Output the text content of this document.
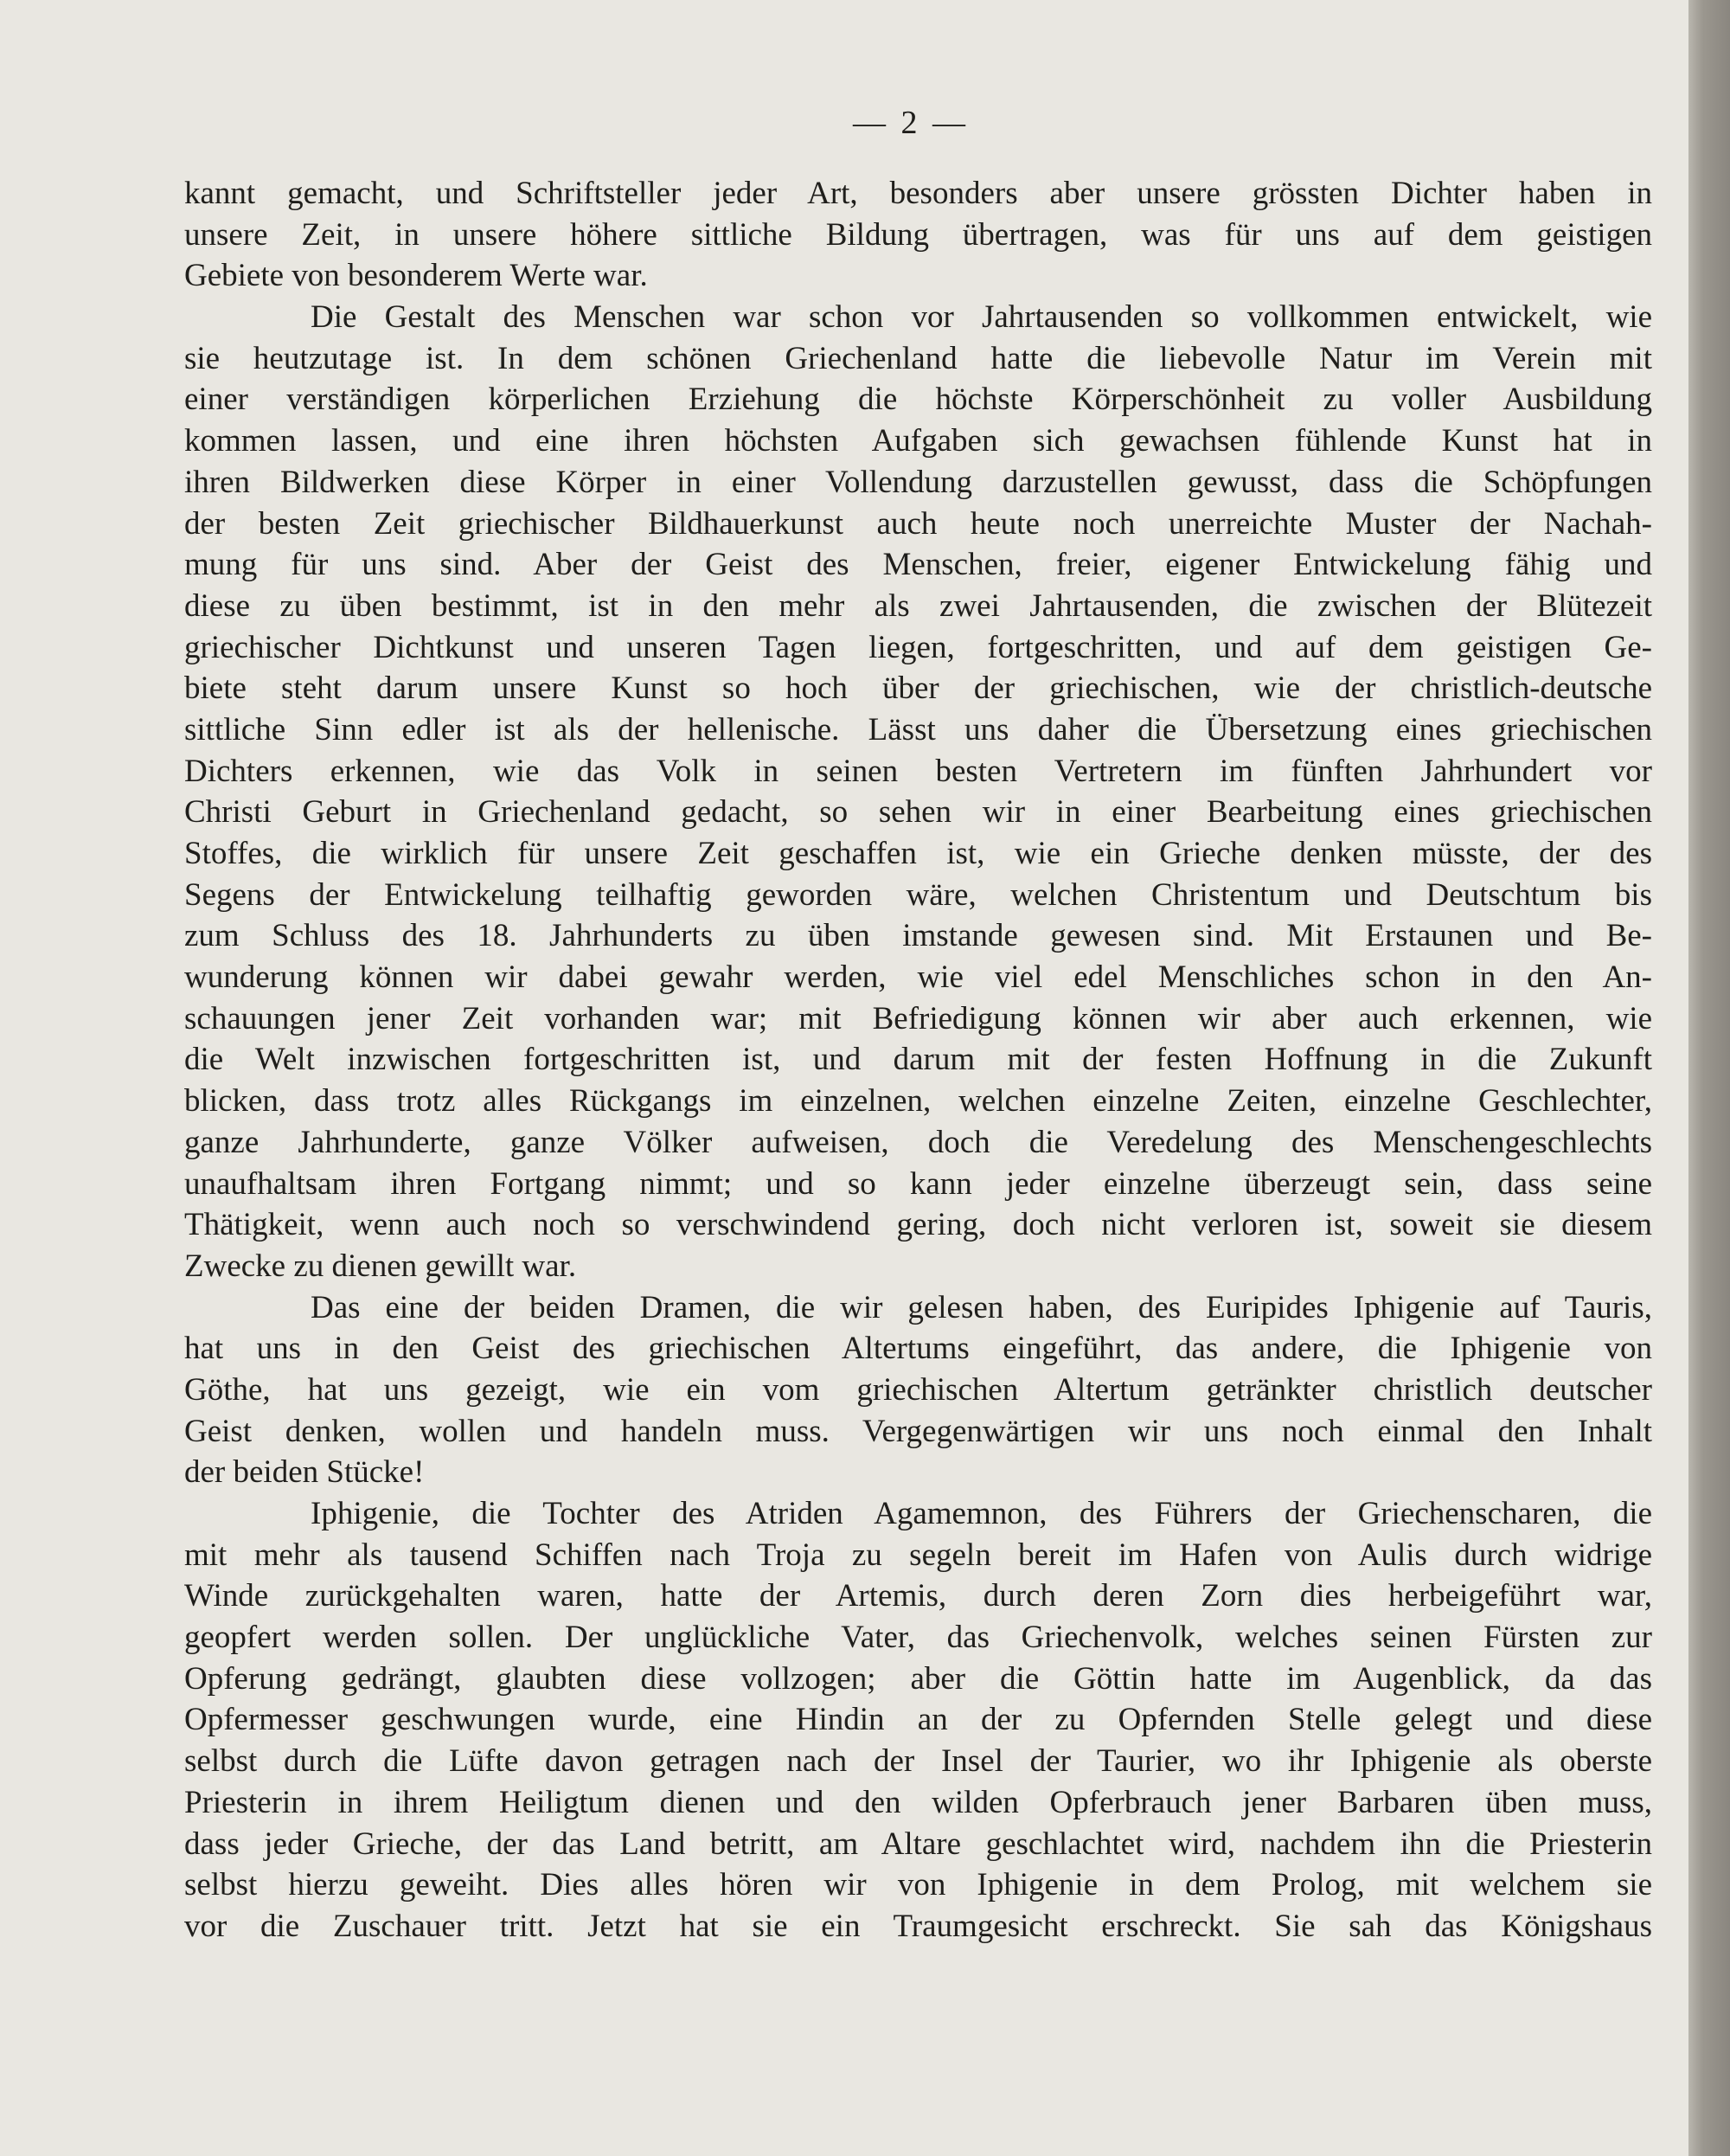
— 2 —
kannt gemacht, und Schriftsteller jeder Art, besonders aber unsere grössten Dichter haben in
unsere Zeit, in unsere höhere sittliche Bildung übertragen, was für uns auf dem geistigen
Gebiete von besonderem Werte war.
Die Gestalt des Menschen war schon vor Jahrtausenden so vollkommen entwickelt, wie
sie heutzutage ist. In dem schönen Griechenland hatte die liebevolle Natur im Verein mit
einer verständigen körperlichen Erziehung die höchste Körperschönheit zu voller Ausbildung
kommen lassen, und eine ihren höchsten Aufgaben sich gewachsen fühlende Kunst hat in
ihren Bildwerken diese Körper in einer Vollendung darzustellen gewusst, dass die Schöpfungen
der besten Zeit griechischer Bildhauerkunst auch heute noch unerreichte Muster der Nachah-
mung für uns sind. Aber der Geist des Menschen, freier, eigener Entwickelung fähig und
diese zu üben bestimmt, ist in den mehr als zwei Jahrtausenden, die zwischen der Blütezeit
griechischer Dichtkunst und unseren Tagen liegen, fortgeschritten, und auf dem geistigen Ge-
biete steht darum unsere Kunst so hoch über der griechischen, wie der christlich-deutsche
sittliche Sinn edler ist als der hellenische. Lässt uns daher die Übersetzung eines griechischen
Dichters erkennen, wie das Volk in seinen besten Vertretern im fünften Jahrhundert vor
Christi Geburt in Griechenland gedacht, so sehen wir in einer Bearbeitung eines griechischen
Stoffes, die wirklich für unsere Zeit geschaffen ist, wie ein Grieche denken müsste, der des
Segens der Entwickelung teilhaftig geworden wäre, welchen Christentum und Deutschtum bis
zum Schluss des 18. Jahrhunderts zu üben imstande gewesen sind. Mit Erstaunen und Be-
wunderung können wir dabei gewahr werden, wie viel edel Menschliches schon in den An-
schauungen jener Zeit vorhanden war; mit Befriedigung können wir aber auch erkennen, wie
die Welt inzwischen fortgeschritten ist, und darum mit der festen Hoffnung in die Zukunft
blicken, dass trotz alles Rückgangs im einzelnen, welchen einzelne Zeiten, einzelne Geschlechter,
ganze Jahrhunderte, ganze Völker aufweisen, doch die Veredelung des Menschengeschlechts
unaufhaltsam ihren Fortgang nimmt; und so kann jeder einzelne überzeugt sein, dass seine
Thätigkeit, wenn auch noch so verschwindend gering, doch nicht verloren ist, soweit sie diesem
Zwecke zu dienen gewillt war.
Das eine der beiden Dramen, die wir gelesen haben, des Euripides Iphigenie auf Tauris,
hat uns in den Geist des griechischen Altertums eingeführt, das andere, die Iphigenie von
Göthe, hat uns gezeigt, wie ein vom griechischen Altertum getränkter christlich deutscher
Geist denken, wollen und handeln muss. Vergegenwärtigen wir uns noch einmal den Inhalt
der beiden Stücke!
Iphigenie, die Tochter des Atriden Agamemnon, des Führers der Griechenscharen, die
mit mehr als tausend Schiffen nach Troja zu segeln bereit im Hafen von Aulis durch widrige
Winde zurückgehalten waren, hatte der Artemis, durch deren Zorn dies herbeigeführt war,
geopfert werden sollen. Der unglückliche Vater, das Griechenvolk, welches seinen Fürsten zur
Opferung gedrängt, glaubten diese vollzogen; aber die Göttin hatte im Augenblick, da das
Opfermesser geschwungen wurde, eine Hindin an der zu Opfernden Stelle gelegt und diese
selbst durch die Lüfte davon getragen nach der Insel der Taurier, wo ihr Iphigenie als oberste
Priesterin in ihrem Heiligtum dienen und den wilden Opferbrauch jener Barbaren üben muss,
dass jeder Grieche, der das Land betritt, am Altare geschlachtet wird, nachdem ihn die Priesterin
selbst hierzu geweiht. Dies alles hören wir von Iphigenie in dem Prolog, mit welchem sie
vor die Zuschauer tritt. Jetzt hat sie ein Traumgesicht erschreckt. Sie sah das Königshaus
